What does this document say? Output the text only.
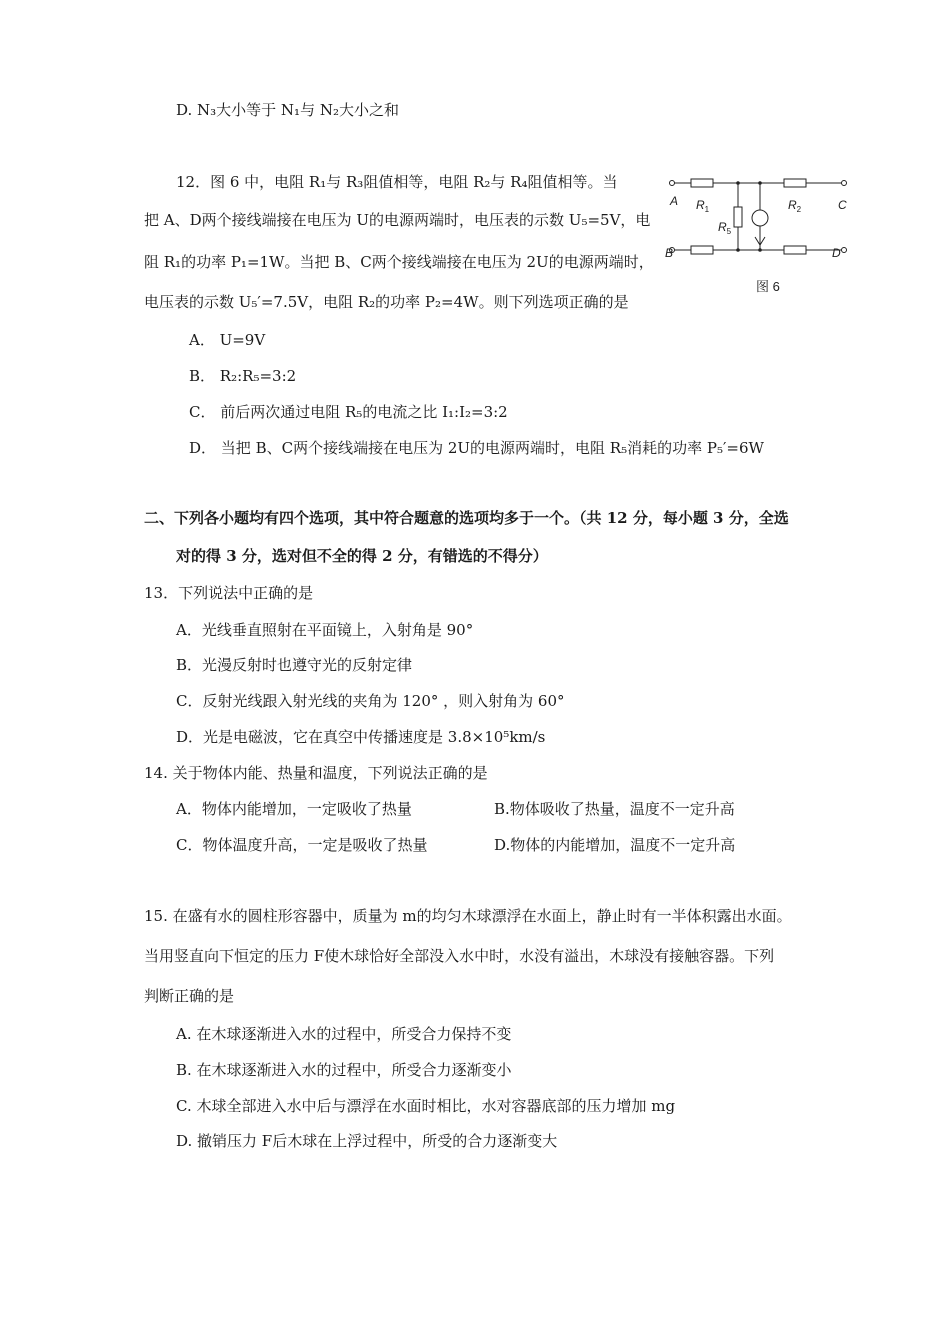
D. N₃大小等于 N₁与 N₂大小之和
12．图 6 中，电阻 R₁与 R₃阻值相等，电阻 R₂与 R₄阻值相等。当
把 A、D两个接线端接在电压为 U的电源两端时，电压表的示数 U₅=5V，电
阻 R₁的功率 P₁=1W。当把 B、C两个接线端接在电压为 2U的电源两端时，
电压表的示数 U₅′=7.5V，电阻 R₂的功率 P₂=4W。则下列选项正确的是
A． U=9V
B． R₂:R₅=3:2
C． 前后两次通过电阻 R₅的电流之比 I₁:I₂=3:2
D． 当把 B、C两个接线端接在电压为 2U的电源两端时，电阻 R₅消耗的功率 P₅′=6W
A
B
C
D
$R_1$	$R_2$
$R_5$
图 6
二、下列各小题均有四个选项，其中符合题意的选项均多于一个。（共 12 分，每小题 3 分，全选
对的得 3 分，选对但不全的得 2 分，有错选的不得分）
13．下列说法中正确的是
A．光线垂直照射在平面镜上，入射角是 90°
B．光漫反射时也遵守光的反射定律
C．反射光线跟入射光线的夹角为 120° ，则入射角为 60°
D．光是电磁波，它在真空中传播速度是 3.8×10⁵km/s
14. 关于物体内能、热量和温度，下列说法正确的是
A．物体内能增加，一定吸收了热量	B.物体吸收了热量，温度不一定升高
C．物体温度升高，一定是吸收了热量	D.物体的内能增加，温度不一定升高
15. 在盛有水的圆柱形容器中，质量为 m的均匀木球漂浮在水面上，静止时有一半体积露出水面。
当用竖直向下恒定的压力 F使木球恰好全部没入水中时，水没有溢出，木球没有接触容器。下列
判断正确的是
A. 在木球逐渐进入水的过程中，所受合力保持不变
B. 在木球逐渐进入水的过程中，所受合力逐渐变小
C. 木球全部进入水中后与漂浮在水面时相比，水对容器底部的压力增加 mg
D. 撤销压力 F后木球在上浮过程中，所受的合力逐渐变大
